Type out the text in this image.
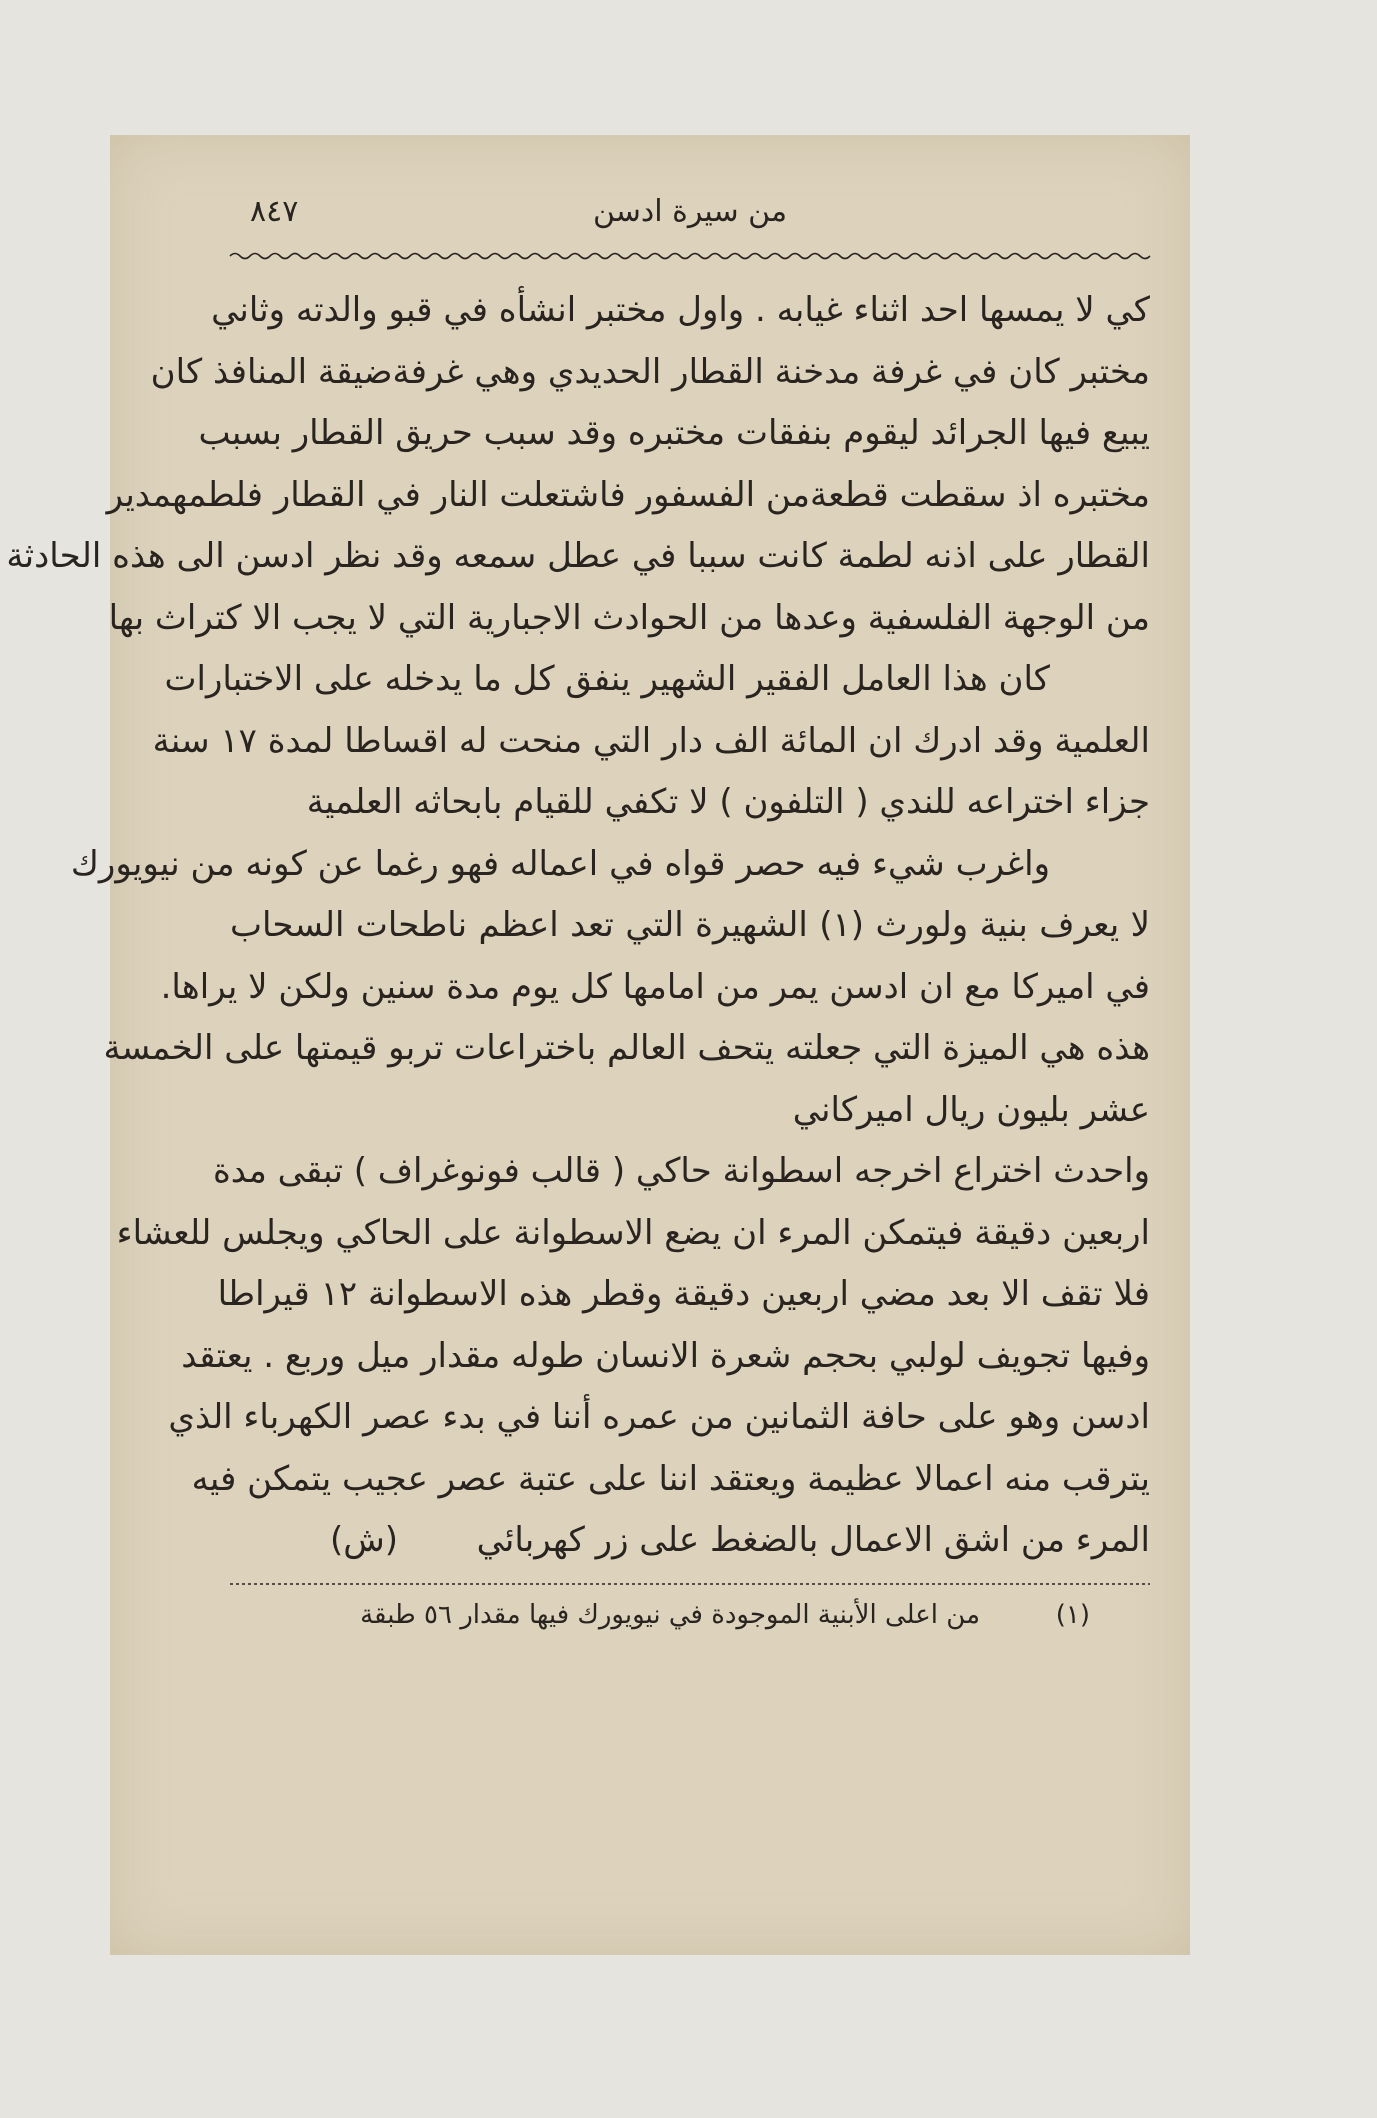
من سيرة ادسن
٨٤٧
كي لا يمسها احد اثناء غيابه . واول مختبر انشأه في قبو والدته وثاني
مختبر كان في غرفة مدخنة القطار الحديدي وهي غرفةضيقة المنافذ كان
يبيع فيها الجرائد ليقوم بنفقات مختبره وقد سبب حريق القطار بسبب
مختبره اذ سقطت قطعةمن الفسفور فاشتعلت النار في القطار فلطمهمدير
القطار على اذنه لطمة كانت سببا في عطل سمعه وقد نظر ادسن الى هذه الحادثة
من الوجهة الفلسفية وعدها من الحوادث الاجبارية التي لا يجب الا كتراث بها
كان هذا العامل الفقير الشهير ينفق كل ما يدخله على الاختبارات
العلمية وقد ادرك ان المائة الف دار التي منحت له اقساطا لمدة ١٧ سنة
جزاء اختراعه للندي ( التلفون ) لا تكفي للقيام بابحاثه العلمية
واغرب شيء فيه حصر قواه في اعماله فهو رغما عن كونه من نيويورك
لا يعرف بنية ولورث (١) الشهيرة التي تعد اعظم ناطحات السحاب
في اميركا مع ان ادسن يمر من امامها كل يوم مدة سنين ولكن لا يراها.
هذه هي الميزة التي جعلته يتحف العالم باختراعات تربو قيمتها على الخمسة
عشر بليون ريال اميركاني
واحدث اختراع اخرجه اسطوانة حاكي ( قالب فونوغراف ) تبقى مدة
اربعين دقيقة فيتمكن المرء ان يضع الاسطوانة على الحاكي ويجلس للعشاء
فلا تقف الا بعد مضي اربعين دقيقة وقطر هذه الاسطوانة ١٢ قيراطا
وفيها تجويف لولبي بحجم شعرة الانسان طوله مقدار ميل وربع . يعتقد
ادسن وهو على حافة الثمانين من عمره أننا في بدء عصر الكهرباء الذي
يترقب منه اعمالا عظيمة ويعتقد اننا على عتبة عصر عجيب يتمكن فيه
المرء من اشق الاعمال بالضغط على زر كهربائي
(ش)
(١)
من اعلى الأبنية الموجودة في نيويورك فيها مقدار ٥٦ طبقة
